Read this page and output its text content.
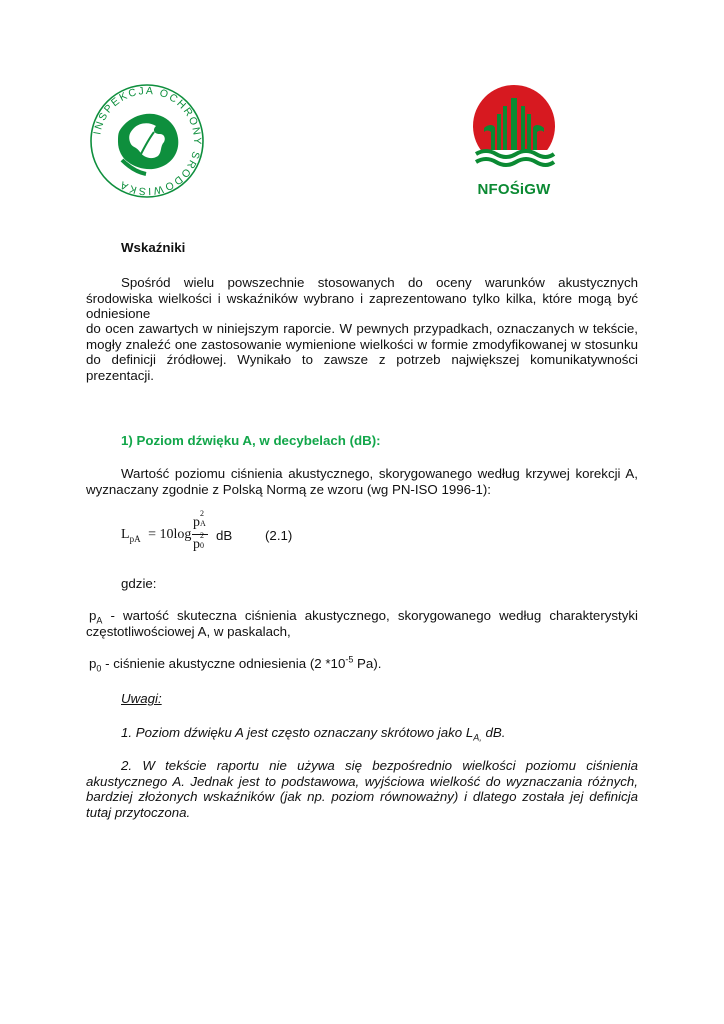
INSPEKCJA OCHRONY ŚRODOWISKA	NFOŚiGW
Wskaźniki
Spośród wielu powszechnie stosowanych do oceny warunków akustycznych środowiska wielkości i wskaźników wybrano i zaprezentowano tylko kilka, które mogą być odniesione
do ocen zawartych w niniejszym raporcie. W pewnych przypadkach, oznaczanych w tekście, mogły znaleźć one zastosowanie wymienione wielkości w formie zmodyfikowanej w stosunku do definicji źródłowej. Wynikało to zawsze z potrzeb największej komunikatywności prezentacji.
1) Poziom dźwięku A, w decybelach (dB):
Wartość poziomu ciśnienia akustycznego, skorygowanego według krzywej korekcji A, wyznaczany zgodnie z Polską Normą ze wzoru (wg PN-ISO 1996-1):
$L_{pA} = 10\log$
p
2
A
p
2
0
dB (2.1)
gdzie:
$p_A$ - wartość skuteczna ciśnienia akustycznego, skorygowanego według charakterystyki częstotliwościowej A, w paskalach,
$p_0$ - ciśnienie akustyczne odniesienia (2 $*10^{-5}$ Pa).
Uwagi:
1. Poziom dźwięku A jest często oznaczany skrótowo jako $L_{A,}$ dB.
2. W tekście raportu nie używa się bezpośrednio wielkości poziomu ciśnienia akustycznego A. Jednak jest to podstawowa, wyjściowa wielkość do wyznaczania różnych, bardziej złożonych wskaźników (jak np. poziom równoważny) i dlatego została jej definicja tutaj przytoczona.
